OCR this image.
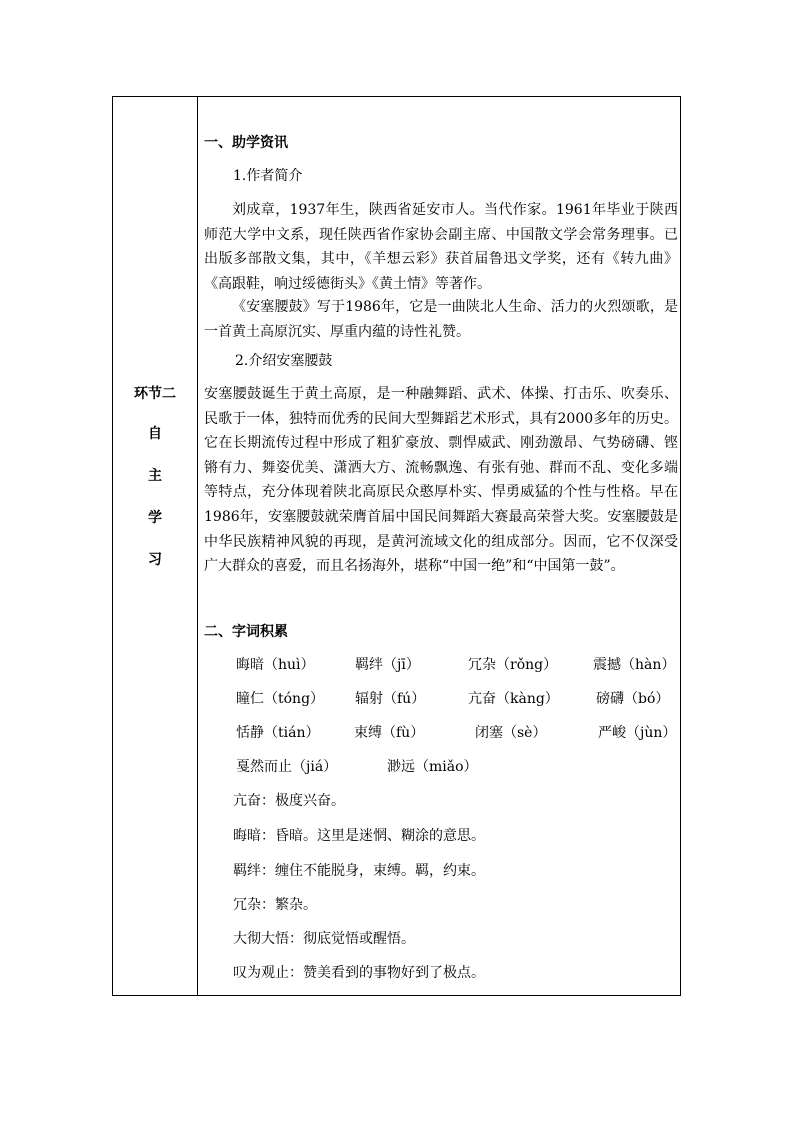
环节二
自
主
学
习
一、助学资讯
1.作者简介
刘成章，1937年生，陕西省延安市人。当代作家。1961年毕业于陕西师范大学中文系，现任陕西省作家协会副主席、中国散文学会常务理事。已出版多部散文集，其中，《羊想云彩》获首届鲁迅文学奖，还有《转九曲》《高跟鞋，响过绥德街头》《黄土情》等著作。
《安塞腰鼓》写于1986年，它是一曲陕北人生命、活力的火烈颂歌，是一首黄土高原沉实、厚重内蕴的诗性礼赞。
2.介绍安塞腰鼓
安塞腰鼓诞生于黄土高原，是一种融舞蹈、武术、体操、打击乐、吹奏乐、民歌于一体，独特而优秀的民间大型舞蹈艺术形式，具有2000多年的历史。它在长期流传过程中形成了粗犷豪放、剽悍威武、刚劲激昂、气势磅礴、铿锵有力、舞姿优美、潇洒大方、流畅飘逸、有张有弛、群而不乱、变化多端等特点，充分体现着陕北高原民众憨厚朴实、悍勇威猛的个性与性格。早在1986年，安塞腰鼓就荣膺首届中国民间舞蹈大赛最高荣誉大奖。安塞腰鼓是中华民族精神风貌的再现，是黄河流域文化的组成部分。因而，它不仅深受广大群众的喜爱，而且名扬海外，堪称“中国一绝”和“中国第一鼓”。
二、字词积累
晦暗（huì）	羁绊（jī）	冗杂（rǒng）	震撼（hàn）
瞳仁（tóng） 辐射（fú）	亢奋（kàng）	磅礴（bó）
恬静（tián） 束缚（fù）	闭塞（sè）	严峻（jùn）
戛然而止（jiá）	渺远（miǎo）
亢奋：极度兴奋。
晦暗：昏暗。这里是迷惘、糊涂的意思。
羁绊：缠住不能脱身，束缚。羁，约束。
冗杂：繁杂。
大彻大悟：彻底觉悟或醒悟。
叹为观止：赞美看到的事物好到了极点。
